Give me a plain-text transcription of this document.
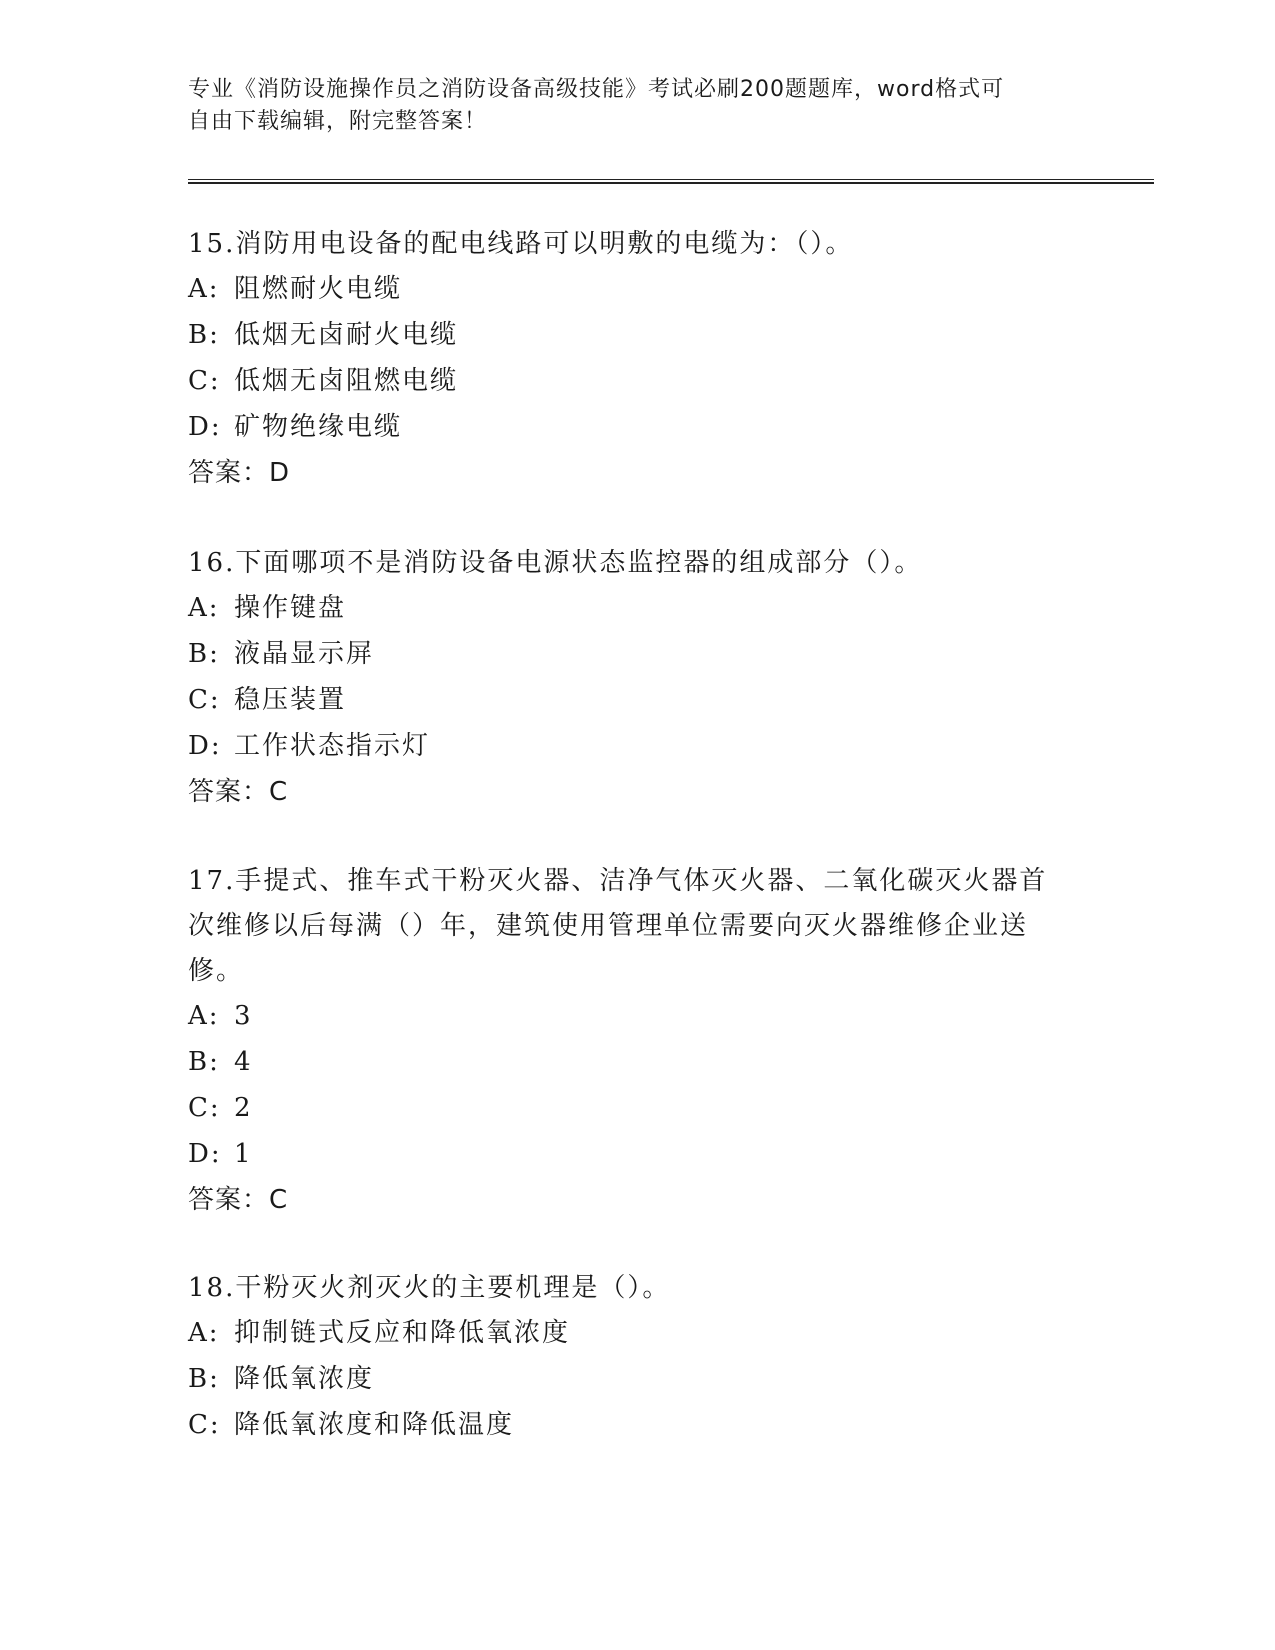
专业《消防设施操作员之消防设备高级技能》考试必刷200题题库，word格式可
自由下载编辑，附完整答案！
15.消防用电设备的配电线路可以明敷的电缆为：（）。
A: 阻燃耐火电缆
B: 低烟无卤耐火电缆
C: 低烟无卤阻燃电缆
D: 矿物绝缘电缆
答案：D
16.下面哪项不是消防设备电源状态监控器的组成部分（）。
A: 操作键盘
B: 液晶显示屏
C: 稳压装置
D: 工作状态指示灯
答案：C
17.手提式、推车式干粉灭火器、洁净气体灭火器、二氧化碳灭火器首
次维修以后每满（）年，建筑使用管理单位需要向灭火器维修企业送
修。
A: 3
B: 4
C: 2
D: 1
答案：C
18.干粉灭火剂灭火的主要机理是（）。
A: 抑制链式反应和降低氧浓度
B: 降低氧浓度
C: 降低氧浓度和降低温度
